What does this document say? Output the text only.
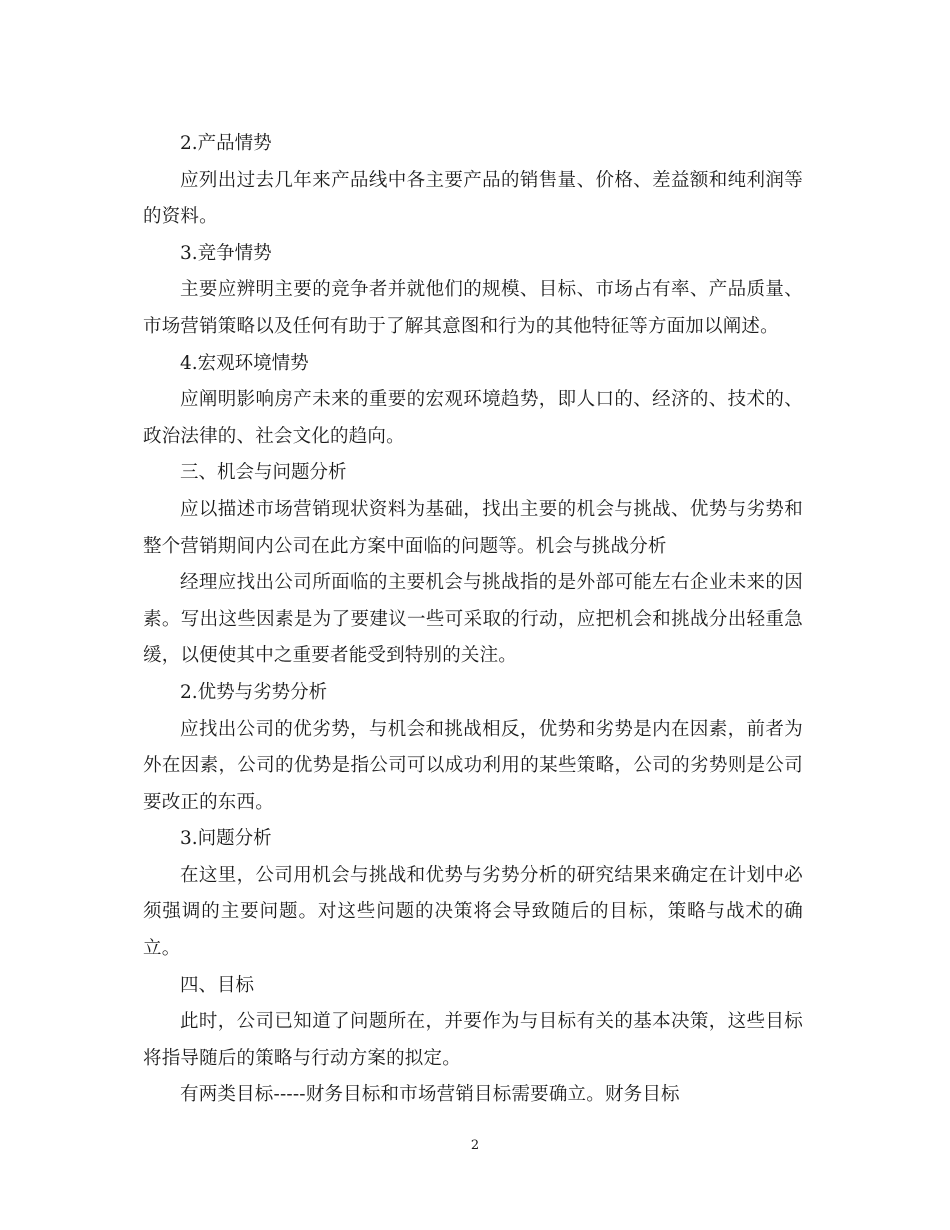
2.产品情势

应列出过去几年来产品线中各主要产品的销售量、价格、差益额和纯利润等的资料。

3.竞争情势

主要应辨明主要的竞争者并就他们的规模、目标、市场占有率、产品质量、市场营销策略以及任何有助于了解其意图和行为的其他特征等方面加以阐述。

4.宏观环境情势

应阐明影响房产未来的重要的宏观环境趋势，即人口的、经济的、技术的、政治法律的、社会文化的趋向。

三、机会与问题分析

应以描述市场营销现状资料为基础，找出主要的机会与挑战、优势与劣势和整个营销期间内公司在此方案中面临的问题等。机会与挑战分析

经理应找出公司所面临的主要机会与挑战指的是外部可能左右企业未来的因素。写出这些因素是为了要建议一些可采取的行动，应把机会和挑战分出轻重急缓，以便使其中之重要者能受到特别的关注。

2.优势与劣势分析

应找出公司的优劣势，与机会和挑战相反，优势和劣势是内在因素，前者为外在因素，公司的优势是指公司可以成功利用的某些策略，公司的劣势则是公司要改正的东西。

3.问题分析

在这里，公司用机会与挑战和优势与劣势分析的研究结果来确定在计划中必须强调的主要问题。对这些问题的决策将会导致随后的目标，策略与战术的确立。

四、目标

此时，公司已知道了问题所在，并要作为与目标有关的基本决策，这些目标将指导随后的策略与行动方案的拟定。

有两类目标-----财务目标和市场营销目标需要确立。财务目标

2
